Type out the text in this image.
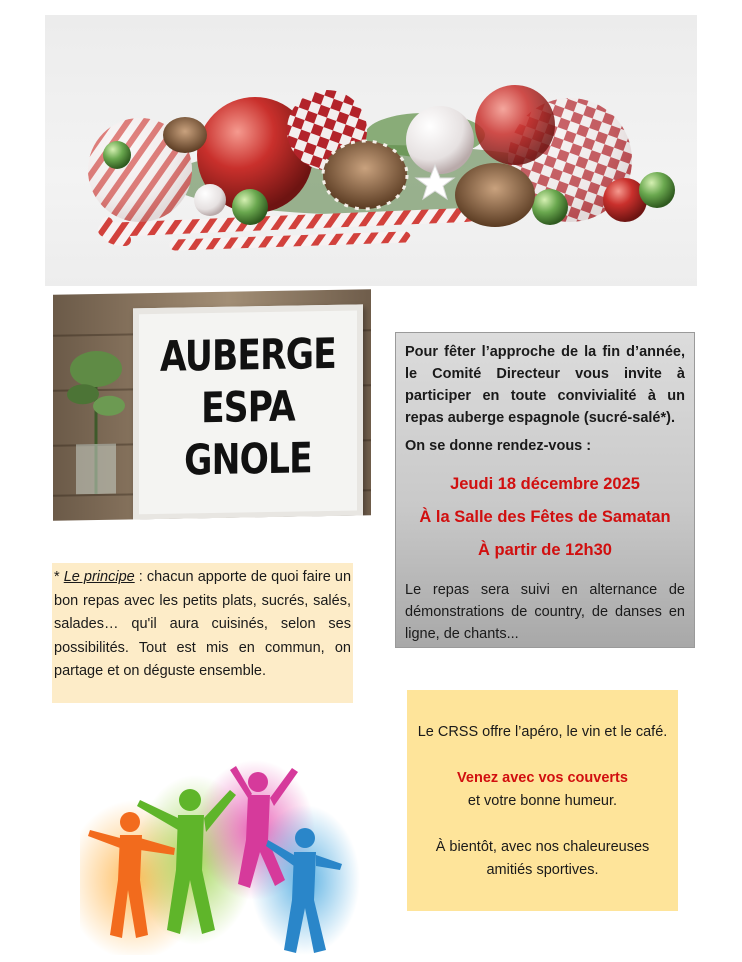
AUBERGE
ESPA
GNOLE

Pour fêter l’approche de la fin d’année, le Comité Directeur vous invite à participer en toute convivialité à un repas auberge espagnole (sucré-salé*).

On se donne rendez-vous :

Jeudi 18 décembre 2025

À la Salle des Fêtes de Samatan

À partir de 12h30

Le repas sera suivi en alternance de démonstrations de country, de danses en ligne, de chants...

* Le principe : chacun apporte de quoi faire un bon repas avec les petits plats, sucrés, salés, salades… qu'il aura cuisinés, selon ses possibilités. Tout est mis en commun, on partage et on déguste ensemble.

Le CRSS offre l’apéro, le vin et le café.

Venez avec vos couverts

et votre bonne humeur.

À bientôt, avec nos chaleureuses amitiés sportives.
